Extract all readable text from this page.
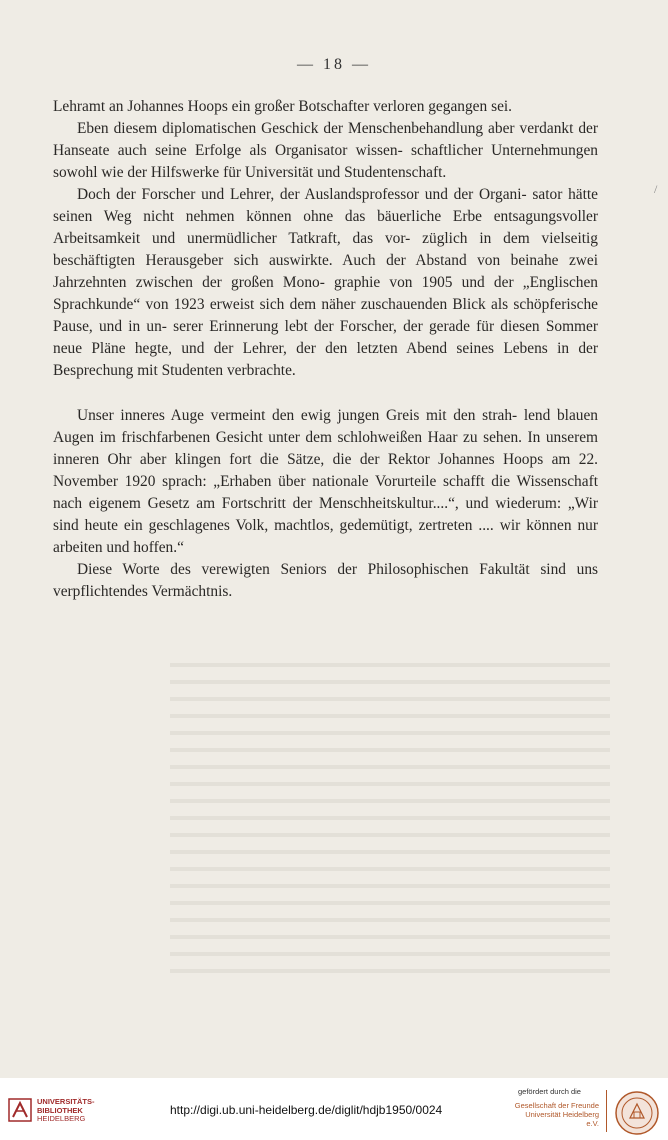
— 18 —
/

Lehramt an Johannes Hoops ein großer Botschafter verloren gegangen sei.

Eben diesem diplomatischen Geschick der Menschenbehandlung aber verdankt der Hanseate auch seine Erfolge als Organisator wissen- schaftlicher Unternehmungen sowohl wie der Hilfswerke für Universität und Studentenschaft.

Doch der Forscher und Lehrer, der Auslandsprofessor und der Organi- sator hätte seinen Weg nicht nehmen können ohne das bäuerliche Erbe entsagungsvoller Arbeitsamkeit und unermüdlicher Tatkraft, das vor- züglich in dem vielseitig beschäftigten Herausgeber sich auswirkte. Auch der Abstand von beinahe zwei Jahrzehnten zwischen der großen Mono- graphie von 1905 und der „Englischen Sprachkunde“ von 1923 erweist sich dem näher zuschauenden Blick als schöpferische Pause, und in un- serer Erinnerung lebt der Forscher, der gerade für diesen Sommer neue Pläne hegte, und der Lehrer, der den letzten Abend seines Lebens in der Besprechung mit Studenten verbrachte.

Unser inneres Auge vermeint den ewig jungen Greis mit den strah- lend blauen Augen im frischfarbenen Gesicht unter dem schlohweißen Haar zu sehen. In unserem inneren Ohr aber klingen fort die Sätze, die der Rektor Johannes Hoops am 22. November 1920 sprach: „Erhaben über nationale Vorurteile schafft die Wissenschaft nach eigenem Gesetz am Fortschritt der Menschheitskultur....“, und wiederum: „Wir sind heute ein geschlagenes Volk, machtlos, gedemütigt, zertreten .... wir können nur arbeiten und hoffen.“

Diese Worte des verewigten Seniors der Philosophischen Fakultät sind uns verpflichtendes Vermächtnis.

UNIVERSITÄTS-
BIBLIOTHEK
HEIDELBERG
http://digi.ub.uni-heidelberg.de/diglit/hdjb1950/0024
gefördert durch die
Gesellschaft der Freunde
Universität Heidelberg e.V.
